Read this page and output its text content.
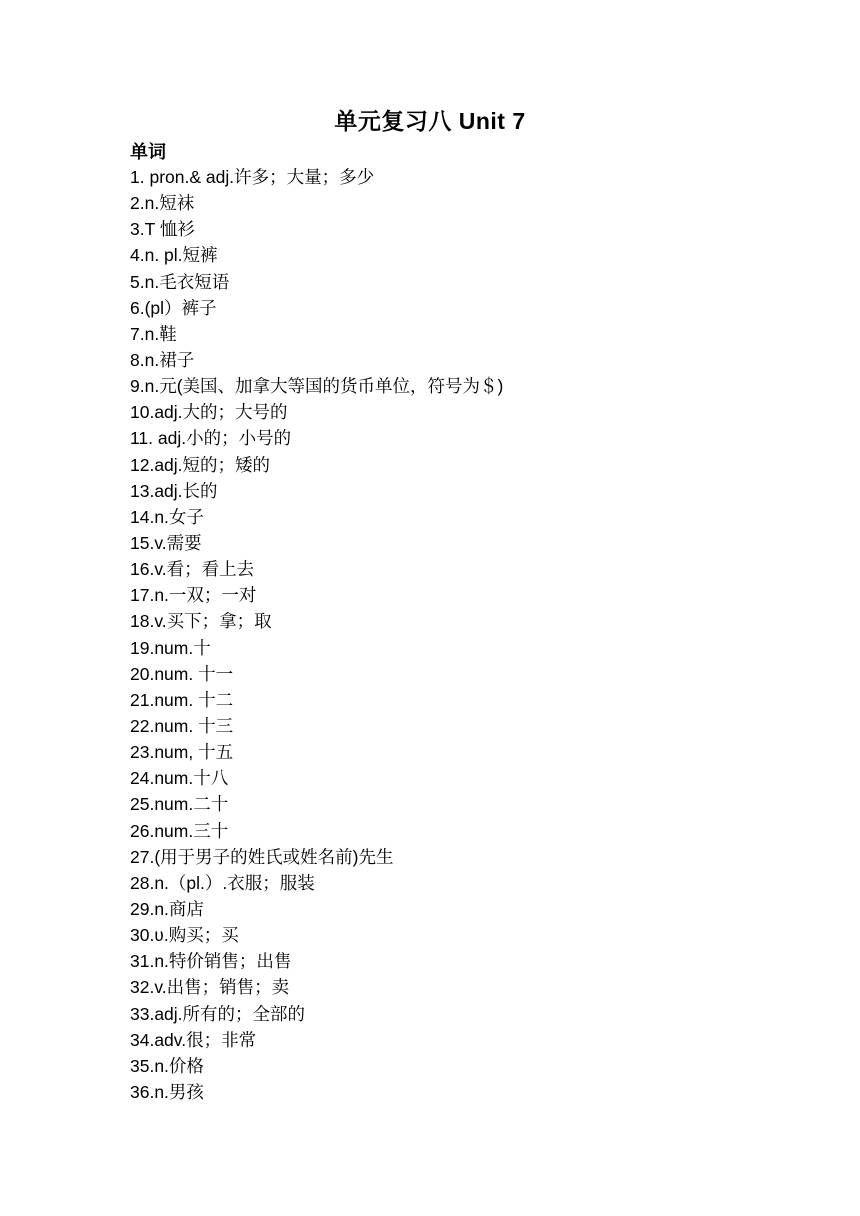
单元复习八 Unit 7
单词
1. pron.& adj.许多；大量；多少
2.n.短袜
3.T 恤衫
4.n. pl.短裤
5.n.毛衣短语
6.(pl）裤子
7.n.鞋
8.n.裙子
9.n.元(美国、加拿大等国的货币单位，符号为＄)
10.adj.大的；大号的
11. adj.小的；小号的
12.adj.短的；矮的
13.adj.长的
14.n.女子
15.v.需要
16.v.看；看上去
17.n.一双；一对
18.v.买下；拿；取
19.num.十
20.num. 十一
21.num. 十二
22.num. 十三
23.num, 十五
24.num.十八
25.num.二十
26.num.三十
27.(用于男子的姓氏或姓名前)先生
28.n.（pl.）.衣服；服装
29.n.商店
30.ʋ.购买；买
31.n.特价销售；出售
32.v.出售；销售；卖
33.adj.所有的；全部的
34.adv.很；非常
35.n.价格
36.n.男孩
